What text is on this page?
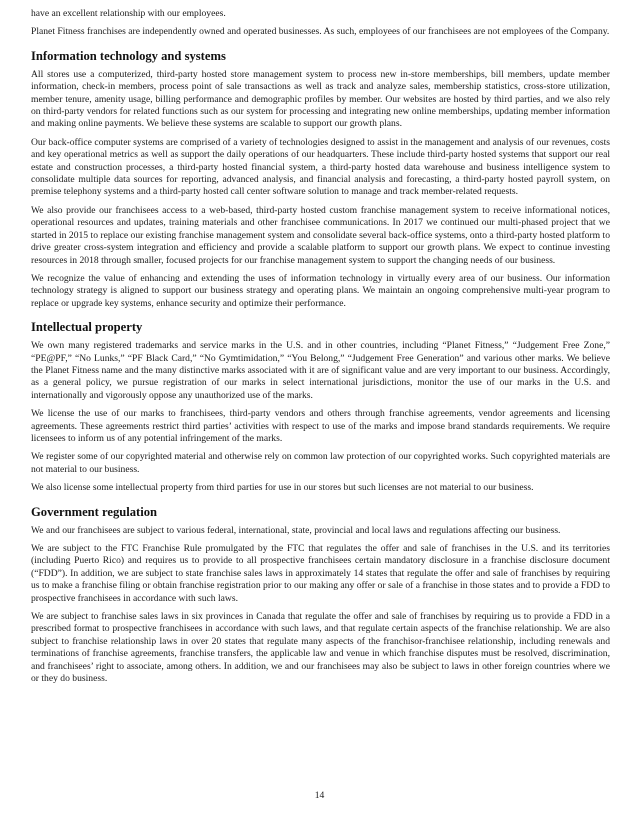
have an excellent relationship with our employees.

Planet Fitness franchises are independently owned and operated businesses. As such, employees of our franchisees are not employees of the Company.

Information technology and systems

All stores use a computerized, third-party hosted store management system to process new in-store memberships, bill members, update member information, check-in members, process point of sale transactions as well as track and analyze sales, membership statistics, cross-store utilization, member tenure, amenity usage, billing performance and demographic profiles by member. Our websites are hosted by third parties, and we also rely on third-party vendors for related functions such as our system for processing and integrating new online memberships, updating member information and making online payments. We believe these systems are scalable to support our growth plans.

Our back-office computer systems are comprised of a variety of technologies designed to assist in the management and analysis of our revenues, costs and key operational metrics as well as support the daily operations of our headquarters. These include third-party hosted systems that support our real estate and construction processes, a third-party hosted financial system, a third-party hosted data warehouse and business intelligence system to consolidate multiple data sources for reporting, advanced analysis, and financial analysis and forecasting, a third-party hosted payroll system, on premise telephony systems and a third-party hosted call center software solution to manage and track member-related requests.

We also provide our franchisees access to a web-based, third-party hosted custom franchise management system to receive informational notices, operational resources and updates, training materials and other franchisee communications. In 2017 we continued our multi-phased project that we started in 2015 to replace our existing franchise management system and consolidate several back-office systems, onto a third-party hosted platform to drive greater cross-system integration and efficiency and provide a scalable platform to support our growth plans. We expect to continue investing resources in 2018 through smaller, focused projects for our franchise management system to support the changing needs of our business.

We recognize the value of enhancing and extending the uses of information technology in virtually every area of our business. Our information technology strategy is aligned to support our business strategy and operating plans. We maintain an ongoing comprehensive multi-year program to replace or upgrade key systems, enhance security and optimize their performance.

Intellectual property

We own many registered trademarks and service marks in the U.S. and in other countries, including “Planet Fitness,” “Judgement Free Zone,” “PE@PF,” “No Lunks,” “PF Black Card,” “No Gymtimidation,” “You Belong,” “Judgement Free Generation” and various other marks. We believe the Planet Fitness name and the many distinctive marks associated with it are of significant value and are very important to our business. Accordingly, as a general policy, we pursue registration of our marks in select international jurisdictions, monitor the use of our marks in the U.S. and internationally and vigorously oppose any unauthorized use of the marks.

We license the use of our marks to franchisees, third-party vendors and others through franchise agreements, vendor agreements and licensing agreements. These agreements restrict third parties’ activities with respect to use of the marks and impose brand standards requirements. We require licensees to inform us of any potential infringement of the marks.

We register some of our copyrighted material and otherwise rely on common law protection of our copyrighted works. Such copyrighted materials are not material to our business.

We also license some intellectual property from third parties for use in our stores but such licenses are not material to our business.

Government regulation

We and our franchisees are subject to various federal, international, state, provincial and local laws and regulations affecting our business.

We are subject to the FTC Franchise Rule promulgated by the FTC that regulates the offer and sale of franchises in the U.S. and its territories (including Puerto Rico) and requires us to provide to all prospective franchisees certain mandatory disclosure in a franchise disclosure document (“FDD”). In addition, we are subject to state franchise sales laws in approximately 14 states that regulate the offer and sale of franchises by requiring us to make a franchise filing or obtain franchise registration prior to our making any offer or sale of a franchise in those states and to provide a FDD to prospective franchisees in accordance with such laws.

We are subject to franchise sales laws in six provinces in Canada that regulate the offer and sale of franchises by requiring us to provide a FDD in a prescribed format to prospective franchisees in accordance with such laws, and that regulate certain aspects of the franchise relationship. We are also subject to franchise relationship laws in over 20 states that regulate many aspects of the franchisor-franchisee relationship, including renewals and terminations of franchise agreements, franchise transfers, the applicable law and venue in which franchise disputes must be resolved, discrimination, and franchisees’ right to associate, among others. In addition, we and our franchisees may also be subject to laws in other foreign countries where we or they do business.

14
